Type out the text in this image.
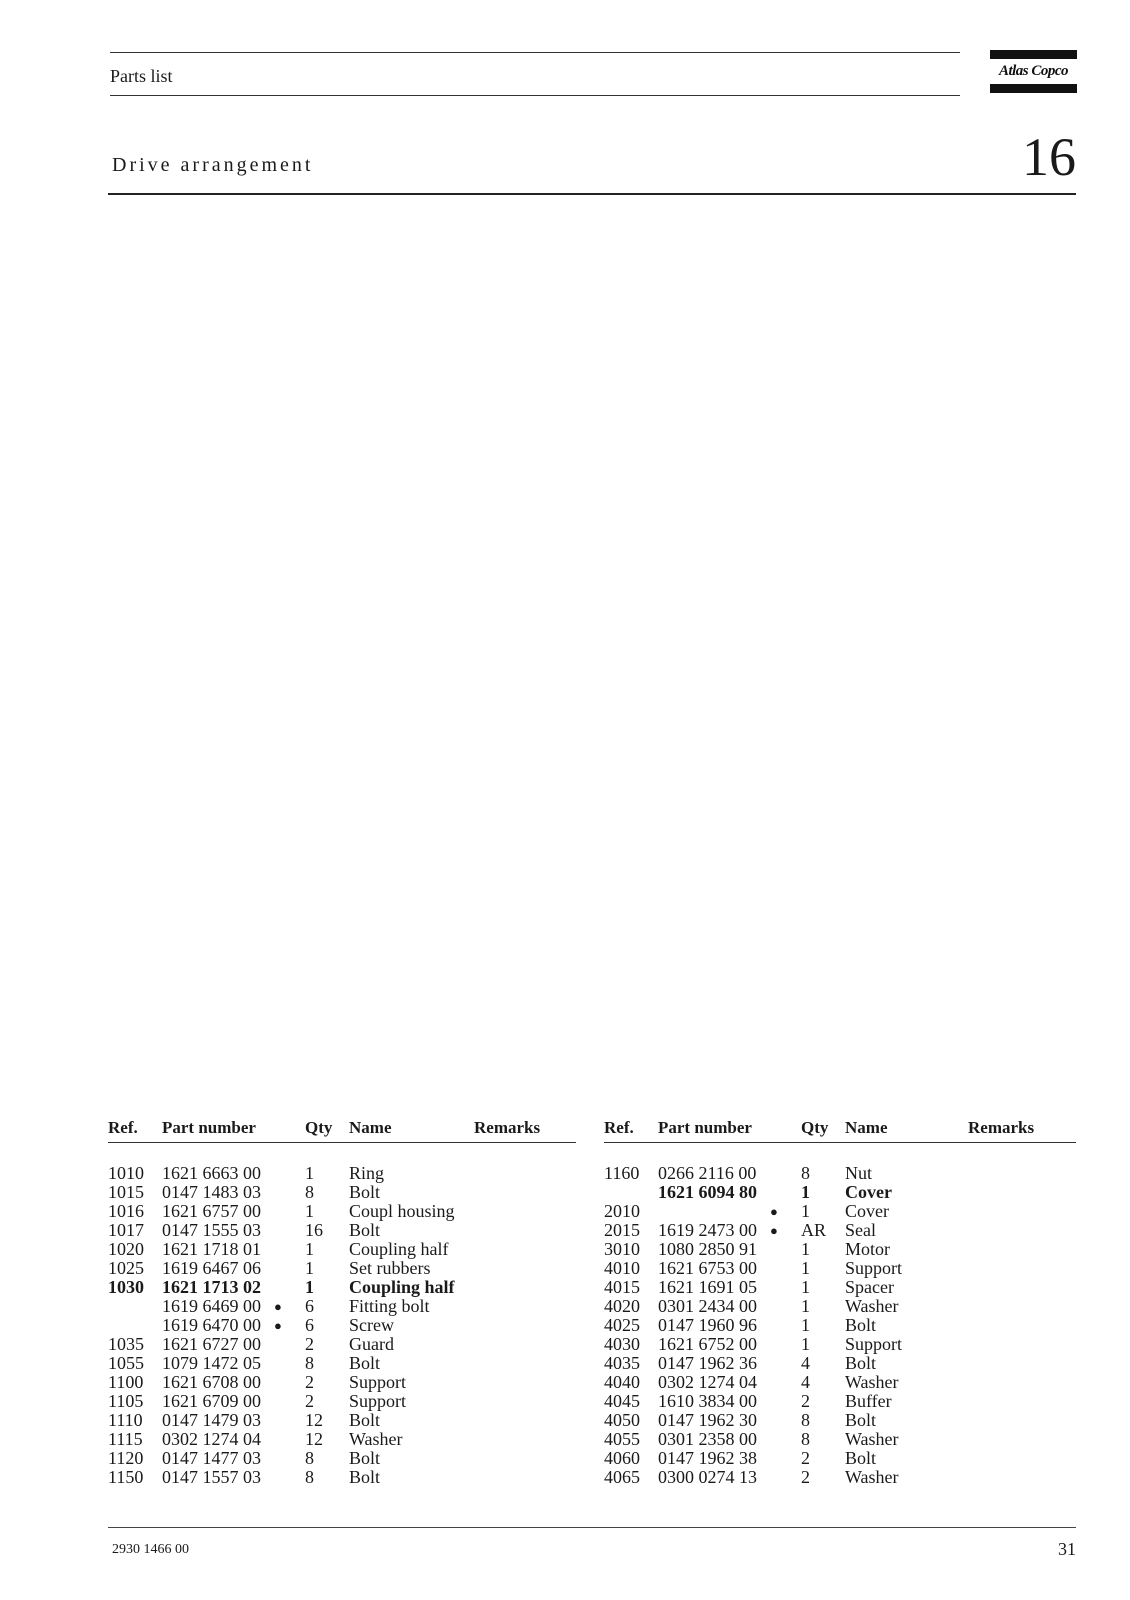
Parts list	Atlas Copco
Drive arrangement	16
Ref. Part number	Qty Name	Remarks
1010 1621 6663 00 1 Ring
1015 0147 1483 03 8 Bolt
1016 1621 6757 00 1 Coupl housing
1017 0147 1555 03 16 Bolt
1020 1621 1718 01 1 Coupling half
1025 1619 6467 06 1 Set rubbers
1030 1621 1713 02 1 Coupling half
1619 6469 00 ● 6 Fitting bolt
1619 6470 00 ● 6 Screw
1035 1621 6727 00 2 Guard
1055 1079 1472 05 8 Bolt
1100 1621 6708 00 2 Support
1105 1621 6709 00 2 Support
1110 0147 1479 03 12 Bolt
1115 0302 1274 04 12 Washer
1120 0147 1477 03 8 Bolt
1150 0147 1557 03 8 Bolt
Ref. Part number	Qty Name	Remarks
1160 0266 2116 00 8 Nut
1621 6094 80 1 Cover
2010	● 1 Cover
2015 1619 2473 00 ● AR Seal
3010 1080 2850 91 1 Motor
4010 1621 6753 00 1 Support
4015 1621 1691 05 1 Spacer
4020 0301 2434 00 1 Washer
4025 0147 1960 96 1 Bolt
4030 1621 6752 00 1 Support
4035 0147 1962 36 4 Bolt
4040 0302 1274 04 4 Washer
4045 1610 3834 00 2 Buffer
4050 0147 1962 30 8 Bolt
4055 0301 2358 00 8 Washer
4060 0147 1962 38 2 Bolt
4065 0300 0274 13 2 Washer
2930 1466 00	31
